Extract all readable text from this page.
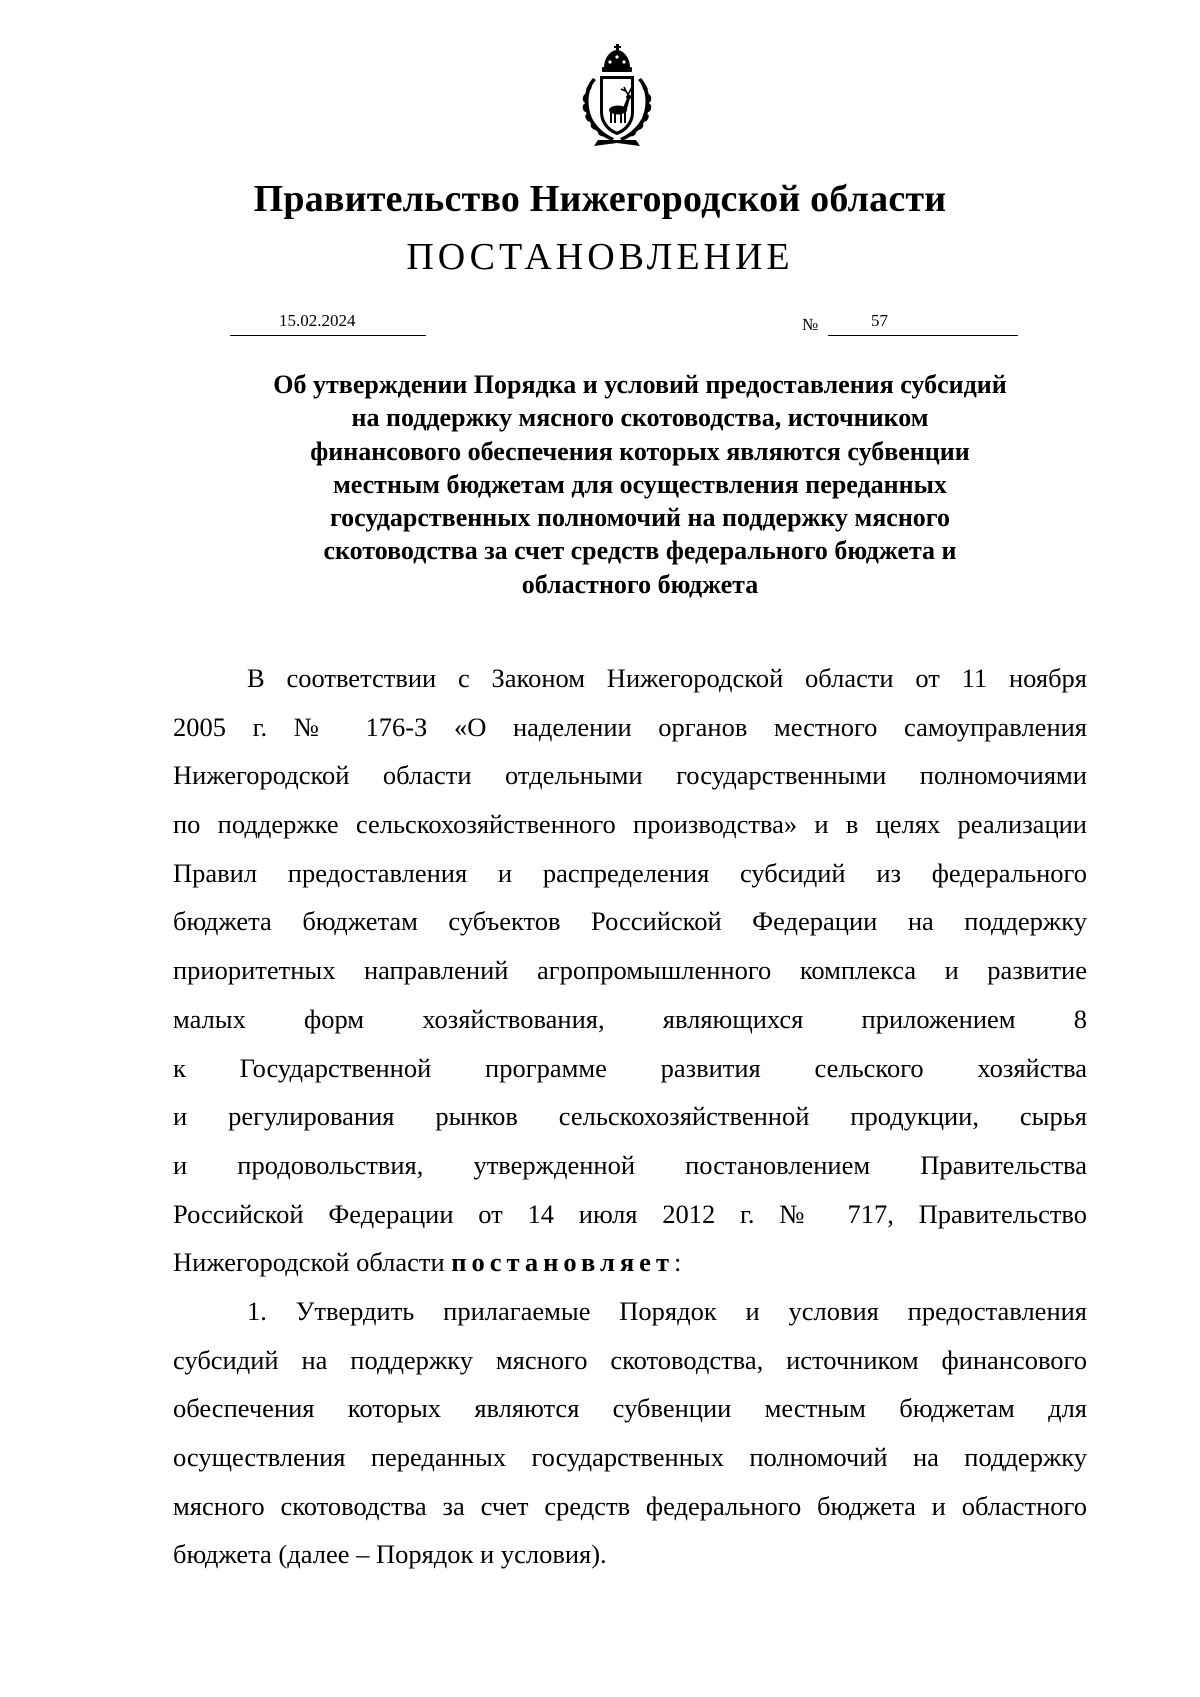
Правительство Нижегородской области
ПОСТАНОВЛЕНИЕ
15.02.2024	№	57
Об утверждении Порядка и условий предоставления субсидий
на поддержку мясного скотоводства, источником
финансового обеспечения которых являются субвенции
местным бюджетам для осуществления переданных
государственных полномочий на поддержку мясного
скотоводства за счет средств федерального бюджета и
областного бюджета
В соответствии с Законом Нижегородской области от 11 ноября
2005 г. № 176-З «О наделении органов местного самоуправления
Нижегородской области отдельными государственными полномочиями
по поддержке сельскохозяйственного производства» и в целях реализации
Правил предоставления и распределения субсидий из федерального
бюджета бюджетам субъектов Российской Федерации на поддержку
приоритетных направлений агропромышленного комплекса и развитие
малых форм хозяйствования, являющихся приложением 8
к Государственной программе развития сельского хозяйства
и регулирования рынков сельскохозяйственной продукции, сырья
и продовольствия, утвержденной постановлением Правительства
Российской Федерации от 14 июля 2012 г. № 717, Правительство
Нижегородской области постановляет:
1. Утвердить прилагаемые Порядок и условия предоставления
субсидий на поддержку мясного скотоводства, источником финансового
обеспечения которых являются субвенции местным бюджетам для
осуществления переданных государственных полномочий на поддержку
мясного скотоводства за счет средств федерального бюджета и областного
бюджета (далее – Порядок и условия).
